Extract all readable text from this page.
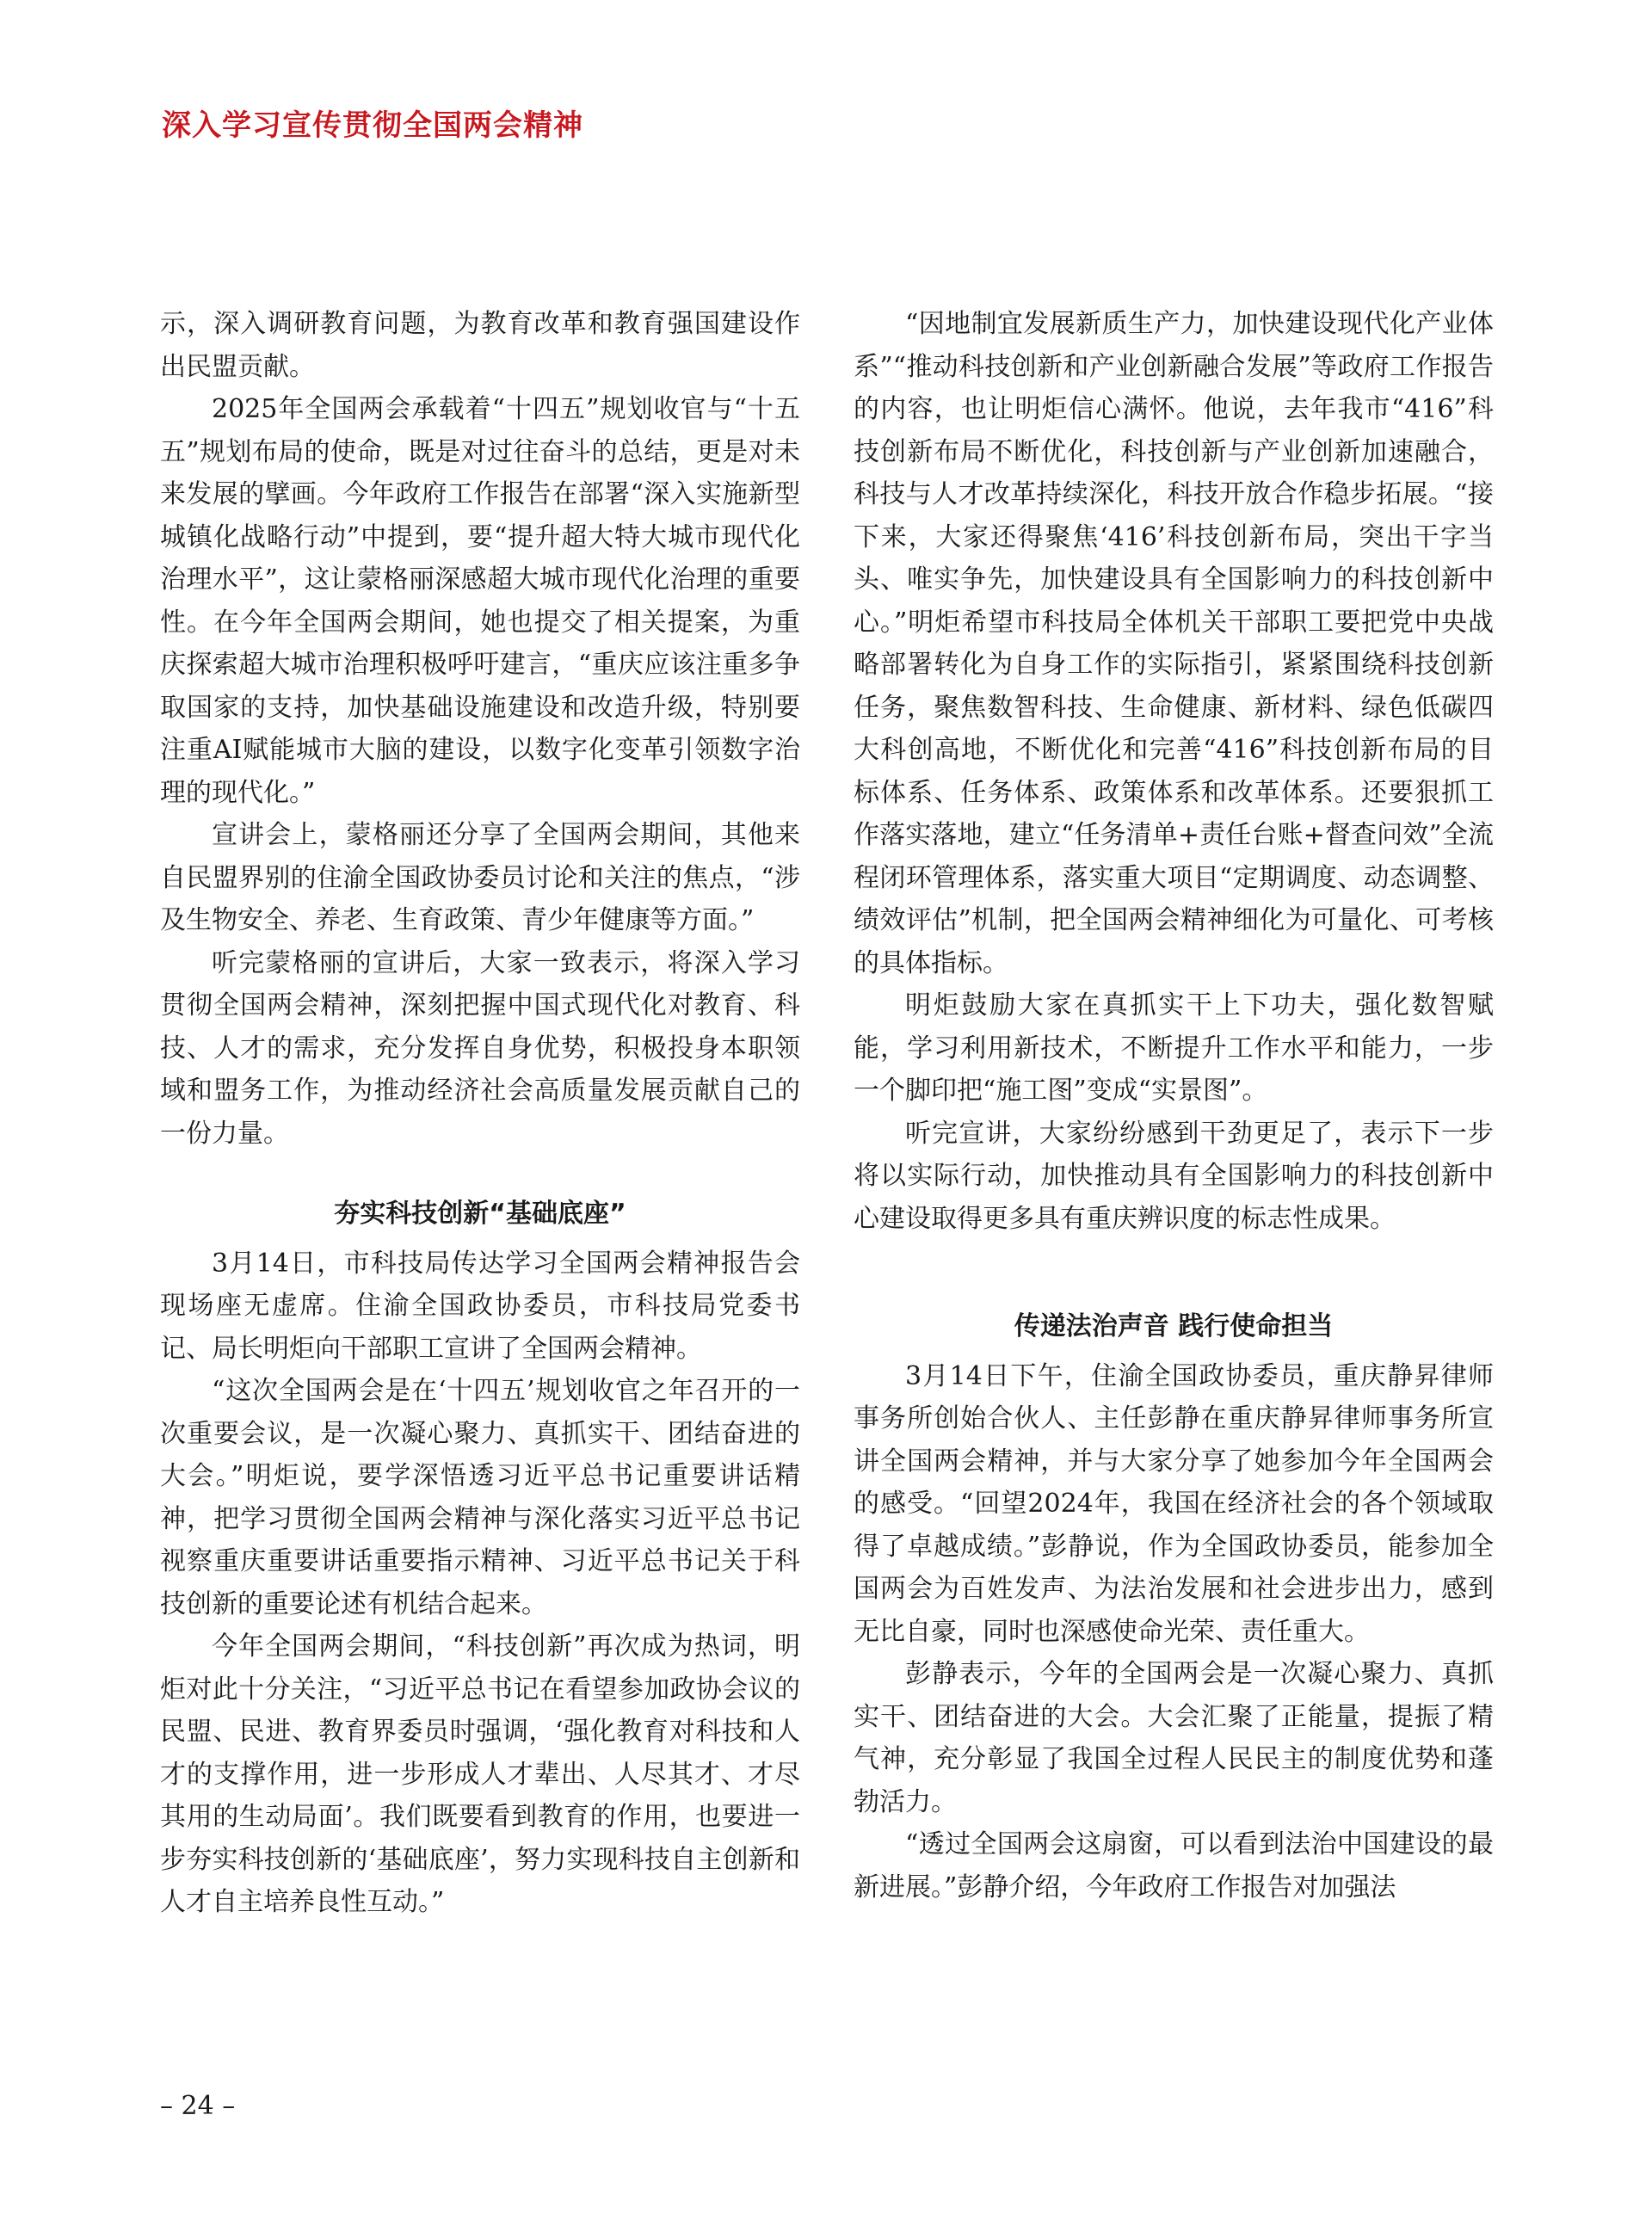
深入学习宣传贯彻全国两会精神

示，深入调研教育问题，为教育改革和教育强国建设作出民盟贡献。

2025年全国两会承载着“十四五”规划收官与“十五五”规划布局的使命，既是对过往奋斗的总结，更是对未来发展的擘画。今年政府工作报告在部署“深入实施新型城镇化战略行动”中提到，要“提升超大特大城市现代化治理水平”，这让蒙格丽深感超大城市现代化治理的重要性。在今年全国两会期间，她也提交了相关提案，为重庆探索超大城市治理积极呼吁建言，“重庆应该注重多争取国家的支持，加快基础设施建设和改造升级，特别要注重AI赋能城市大脑的建设，以数字化变革引领数字治理的现代化。”

宣讲会上，蒙格丽还分享了全国两会期间，其他来自民盟界别的住渝全国政协委员讨论和关注的焦点，“涉及生物安全、养老、生育政策、青少年健康等方面。”

听完蒙格丽的宣讲后，大家一致表示，将深入学习贯彻全国两会精神，深刻把握中国式现代化对教育、科技、人才的需求，充分发挥自身优势，积极投身本职领域和盟务工作，为推动经济社会高质量发展贡献自己的一份力量。

夯实科技创新“基础底座”

3月14日，市科技局传达学习全国两会精神报告会现场座无虚席。住渝全国政协委员，市科技局党委书记、局长明炬向干部职工宣讲了全国两会精神。

“这次全国两会是在‘十四五’规划收官之年召开的一次重要会议，是一次凝心聚力、真抓实干、团结奋进的大会。”明炬说，要学深悟透习近平总书记重要讲话精神，把学习贯彻全国两会精神与深化落实习近平总书记视察重庆重要讲话重要指示精神、习近平总书记关于科技创新的重要论述有机结合起来。

今年全国两会期间，“科技创新”再次成为热词，明炬对此十分关注，“习近平总书记在看望参加政协会议的民盟、民进、教育界委员时强调，‘强化教育对科技和人才的支撑作用，进一步形成人才辈出、人尽其才、才尽其用的生动局面’。我们既要看到教育的作用，也要进一步夯实科技创新的‘基础底座’，努力实现科技自主创新和人才自主培养良性互动。”

“因地制宜发展新质生产力，加快建设现代化产业体系”“推动科技创新和产业创新融合发展”等政府工作报告的内容，也让明炬信心满怀。他说，去年我市“416”科技创新布局不断优化，科技创新与产业创新加速融合，科技与人才改革持续深化，科技开放合作稳步拓展。“接下来，大家还得聚焦‘416’科技创新布局，突出干字当头、唯实争先，加快建设具有全国影响力的科技创新中心。”明炬希望市科技局全体机关干部职工要把党中央战略部署转化为自身工作的实际指引，紧紧围绕科技创新任务，聚焦数智科技、生命健康、新材料、绿色低碳四大科创高地，不断优化和完善“416”科技创新布局的目标体系、任务体系、政策体系和改革体系。还要狠抓工作落实落地，建立“任务清单+责任台账+督查问效”全流程闭环管理体系，落实重大项目“定期调度、动态调整、绩效评估”机制，把全国两会精神细化为可量化、可考核的具体指标。

明炬鼓励大家在真抓实干上下功夫，强化数智赋能，学习利用新技术，不断提升工作水平和能力，一步一个脚印把“施工图”变成“实景图”。

听完宣讲，大家纷纷感到干劲更足了，表示下一步将以实际行动，加快推动具有全国影响力的科技创新中心建设取得更多具有重庆辨识度的标志性成果。

传递法治声音 践行使命担当

3月14日下午，住渝全国政协委员，重庆静昇律师事务所创始合伙人、主任彭静在重庆静昇律师事务所宣讲全国两会精神，并与大家分享了她参加今年全国两会的感受。“回望2024年，我国在经济社会的各个领域取得了卓越成绩。”彭静说，作为全国政协委员，能参加全国两会为百姓发声、为法治发展和社会进步出力，感到无比自豪，同时也深感使命光荣、责任重大。

彭静表示，今年的全国两会是一次凝心聚力、真抓实干、团结奋进的大会。大会汇聚了正能量，提振了精气神，充分彰显了我国全过程人民民主的制度优势和蓬勃活力。

“透过全国两会这扇窗，可以看到法治中国建设的最新进展。”彭静介绍，今年政府工作报告对加强法

– 24 –
